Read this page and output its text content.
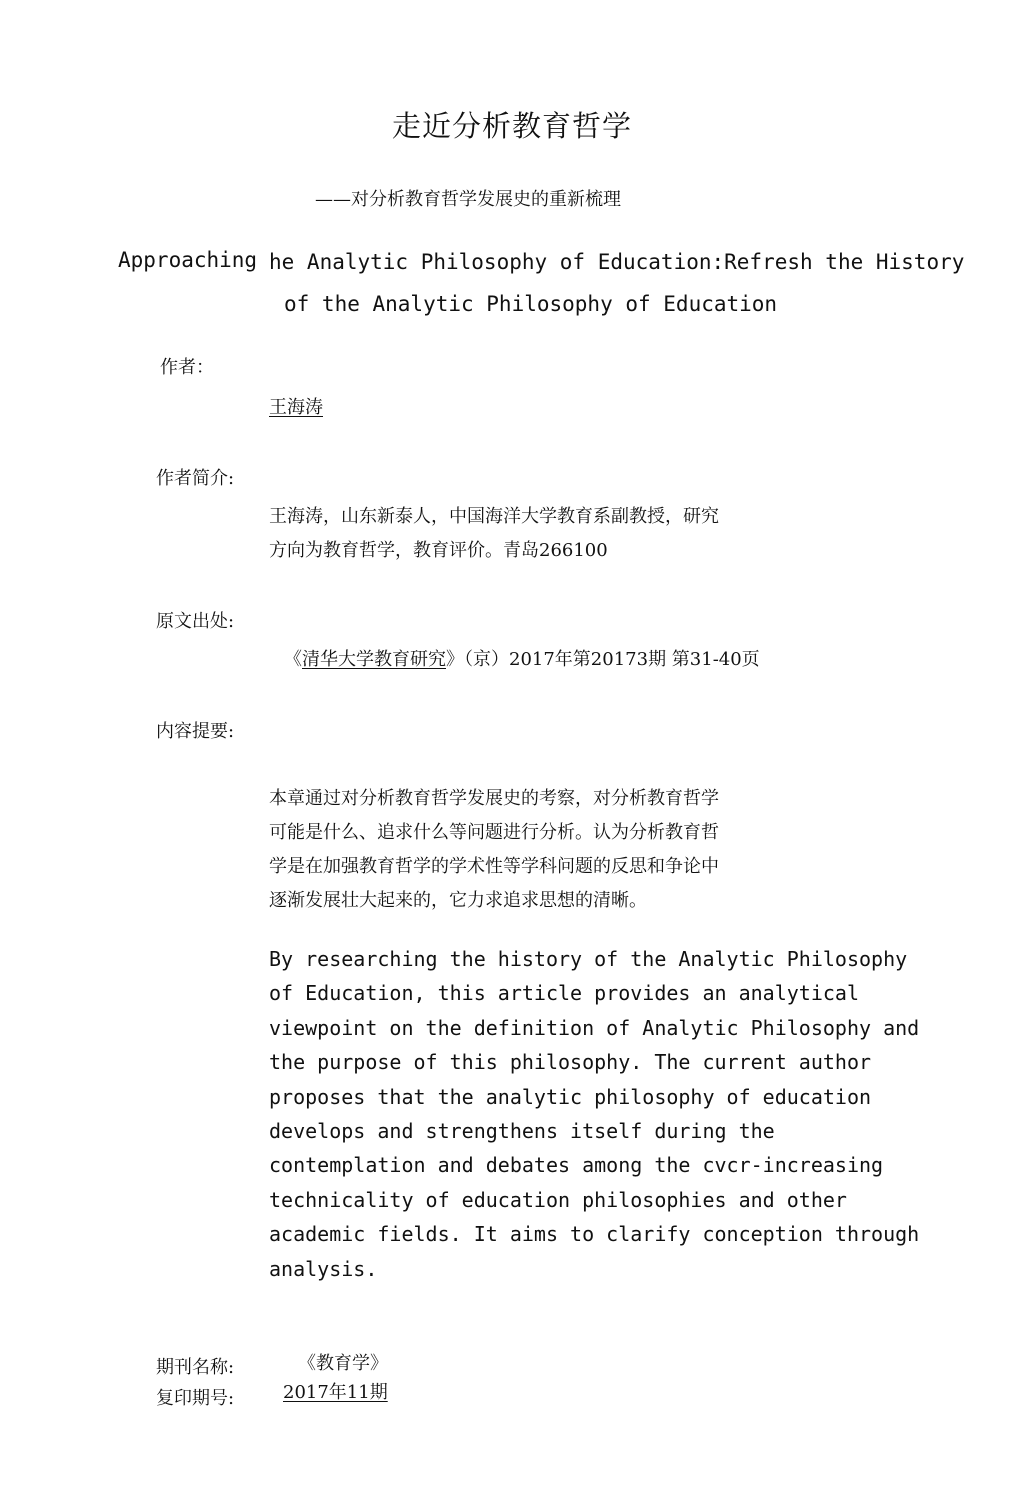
走近分析教育哲学
——对分析教育哲学发展史的重新梳理
Approaching he Analytic Philosophy of Education:Refresh the History
of the Analytic Philosophy of Education
作者：
王海涛
作者简介:
王海涛，山东新泰人，中国海洋大学教育系副教授，研究
方向为教育哲学，教育评价。青岛266100
原文出处:
《清华大学教育研究》（京）2017年第20173期 第31-40页
内容提要:
本章通过对分析教育哲学发展史的考察，对分析教育哲学
可能是什么、追求什么等问题进行分析。认为分析教育哲
学是在加强教育哲学的学术性等学科问题的反思和争论中
逐渐发展壮大起来的，它力求追求思想的清晰。
By researching the history of the Analytic Philosophy
of Education, this article provides an analytical
viewpoint on the definition of Analytic Philosophy and
the purpose of this philosophy. The current author
proposes that the analytic philosophy of education
develops and strengthens itself during the
contemplation and debates among the cvcr-increasing
technicality of education philosophies and other
academic fields. It aims to clarify conception through
analysis.
期刊名称:	《教育学》
复印期号:	2017年11期
